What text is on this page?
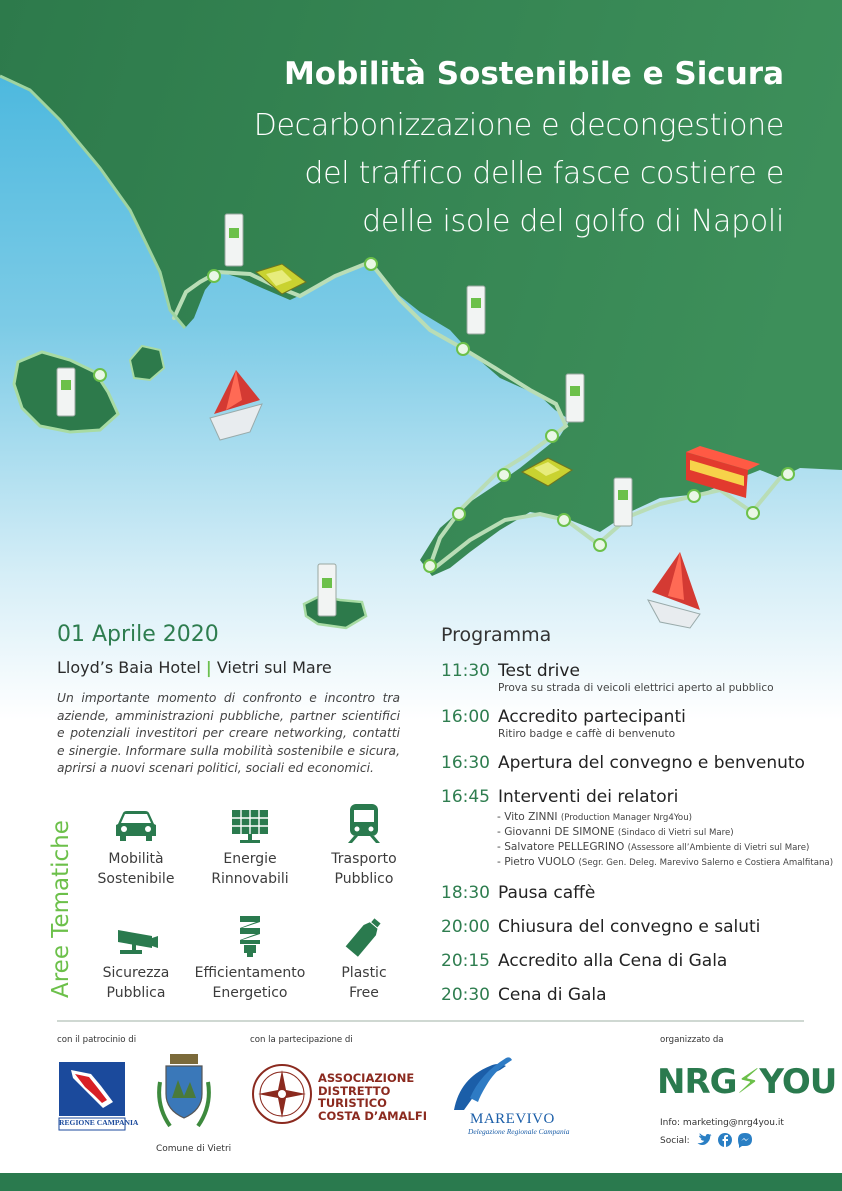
Mobilità Sostenibile e Sicura
Decarbonizzazione e decongestione
del traffico delle fasce costiere e
delle isole del golfo di Napoli
01 Aprile 2020
Lloyd’s Baia Hotel | Vietri sul Mare
Un importante momento di confronto e incontro tra aziende, amministrazioni pubbliche, partner scientifici e potenziali investitori per creare networking, contatti e sinergie. Informare sulla mobilità sostenibile e sicura, aprirsi a nuovi scenari politici, sociali ed economici.
Aree Tematiche	Mobilità
Sostenibile
Energie
Rinnovabili
Trasporto
Pubblico
Sicurezza
Pubblica
Efficientamento
Energetico
Plastic
Free
Programma
11:30 Test drive
Prova su strada di veicoli elettrici aperto al pubblico
16:00 Accredito partecipanti
Ritiro badge e caffè di benvenuto
16:30 Apertura del convegno e benvenuto
16:45 Interventi dei relatori
- Vito ZINNI (Production Manager Nrg4You)
- Giovanni DE SIMONE (Sindaco di Vietri sul Mare)
- Salvatore PELLEGRINO (Assessore all’Ambiente di Vietri sul Mare)
- Pietro VUOLO (Segr. Gen. Deleg. Marevivo Salerno e Costiera Amalfitana)
18:30 Pausa caffè
20:00 Chiusura del convegno e saluti
20:15 Accredito alla Cena di Gala
20:30 Cena di Gala
con il patrocinio di	con la partecipazione di	organizzato da
REGIONE CAMPANIA
Comune di Vietri
ASSOCIAZIONE
DISTRETTO
TURISTICO
COSTA D’AMALFI	MAREVIVO
Delegazione Regionale Campania
NRG⚡YOU
Info: marketing@nrg4you.it
Social:
